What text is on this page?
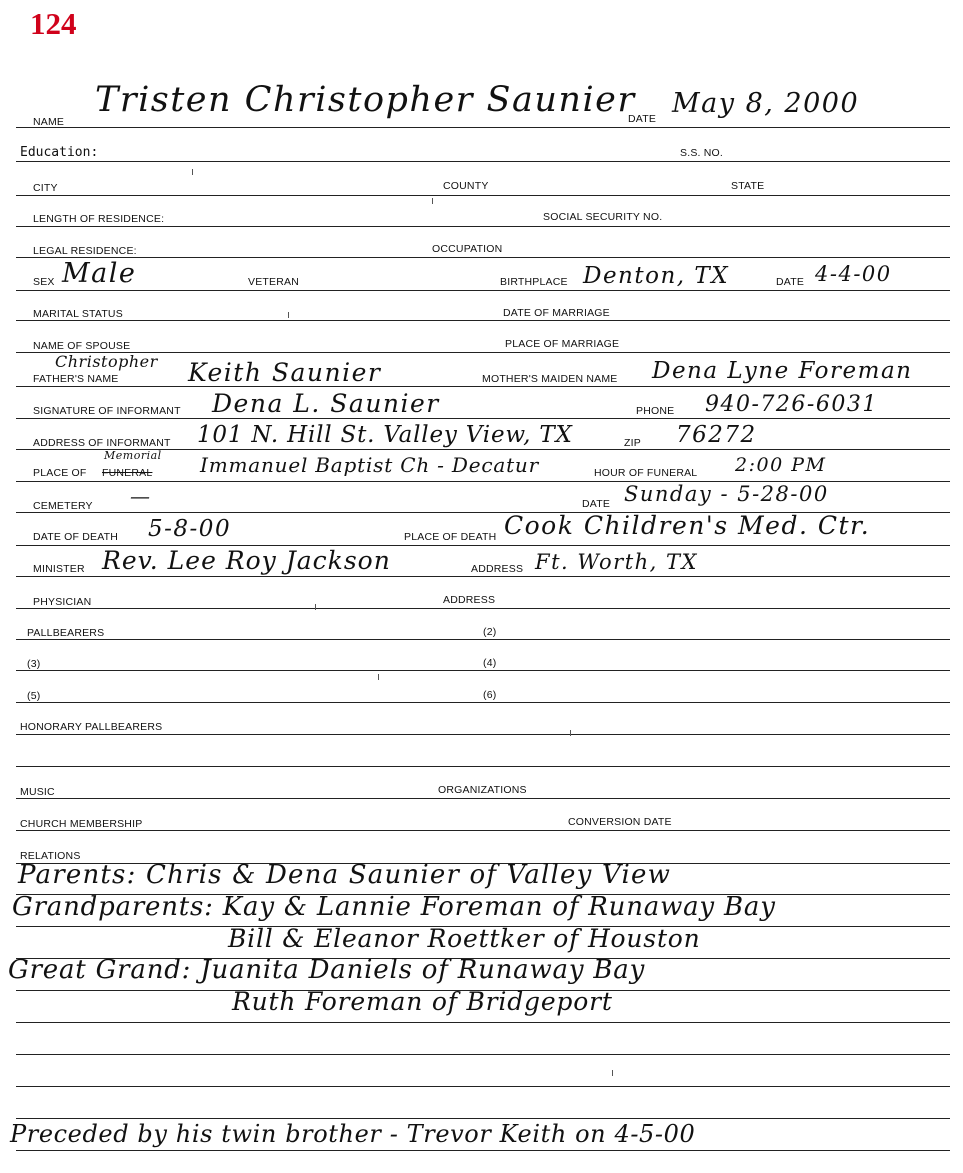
124
NAME
Tristen Christopher Saunier
DATE May 8, 2000
Education:	S.S. NO.
CITY	COUNTY	STATE
LENGTH OF RESIDENCE:	SOCIAL SECURITY NO.
LEGAL RESIDENCE:	OCCUPATION
SEX Male	VETERAN	BIRTHPLACE Denton, TX	DATE 4-4-00
MARITAL STATUS	DATE OF MARRIAGE
NAME OF SPOUSE	PLACE OF MARRIAGE
FATHER'S NAME
Christopher Keith Saunier	MOTHER'S MAIDEN NAME Dena Lyne Foreman
SIGNATURE OF INFORMANT Dena L. Saunier	PHONE 940-726-6031
ADDRESS OF INFORMANT 101 N. Hill St. Valley View, TX	ZIP 76272
PLACE OF FUNERAL
Memorial Immanuel Baptist Ch - Decatur	HOUR OF FUNERAL 2:00 PM
CEMETERY —	DATE Sunday - 5-28-00
DATE OF DEATH 5-8-00	PLACE OF DEATH Cook Children's Med. Ctr.
MINISTER Rev. Lee Roy Jackson	ADDRESS Ft. Worth, TX
PHYSICIAN	ADDRESS
PALLBEARERS	(2)
(3)	(4)
(5)	(6)
HONORARY PALLBEARERS
MUSIC	ORGANIZATIONS
CHURCH MEMBERSHIP	CONVERSION DATE
RELATIONS
Parents: Chris & Dena Saunier of Valley View
Grandparents: Kay & Lannie Foreman of Runaway Bay
Bill & Eleanor Roettker of Houston
Great Grand: Juanita Daniels of Runaway Bay
Ruth Foreman of Bridgeport
Preceded by his twin brother - Trevor Keith on 4-5-00
